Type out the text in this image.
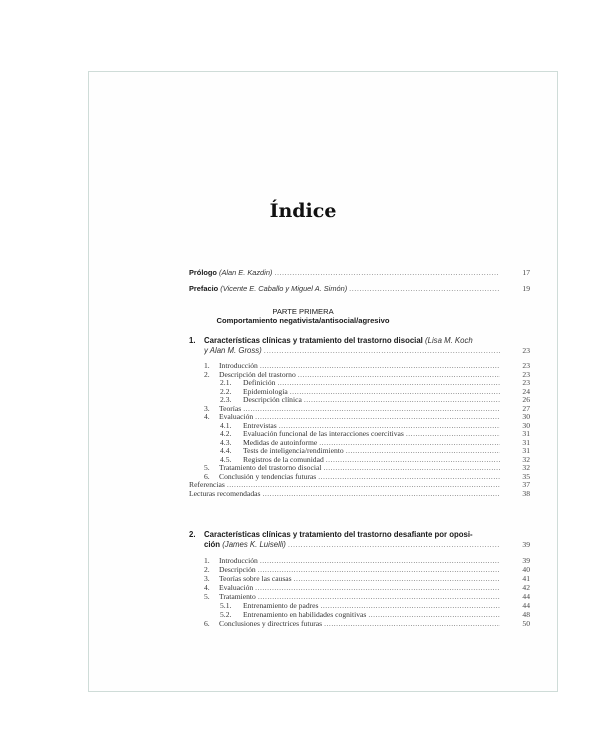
Índice
Prólogo (Alan E. Kazdin) .....	17
Prefacio (Vicente E. Caballo y Miguel A. Simón) .....	19
PARTE PRIMERA
Comportamiento negativista/antisocial/agresivo
1. Características clínicas y tratamiento del trastorno disocial (Lisa M. Koch
y Alan M. Gross) .....	23
1. Introducción .....	23
2. Descripción del trastorno .....	23
2.1. Definición .....	23
2.2. Epidemiología .....	24
2.3. Descripción clínica .....	26
3. Teorías .....	27
4. Evaluación .....	30
4.1. Entrevistas .....	30
4.2. Evaluación funcional de las interacciones coercitivas .....	31
4.3. Medidas de autoinforme .....	31
4.4. Tests de inteligencia/rendimiento .....	31
4.5. Registros de la comunidad .....	32
5. Tratamiento del trastorno disocial .....	32
6. Conclusión y tendencias futuras .....	35
Referencias .....	37
Lecturas recomendadas .....	38
2. Características clínicas y tratamiento del trastorno desafiante por oposi-
ción (James K. Luiselli) .....	39
1. Introducción .....	39
2. Descripción .....	40
3. Teorías sobre las causas .....	41
4. Evaluación .....	42
5. Tratamiento .....	44
5.1. Entrenamiento de padres .....	44
5.2. Entrenamiento en habilidades cognitivas .....	48
6. Conclusiones y directrices futuras .....	50
